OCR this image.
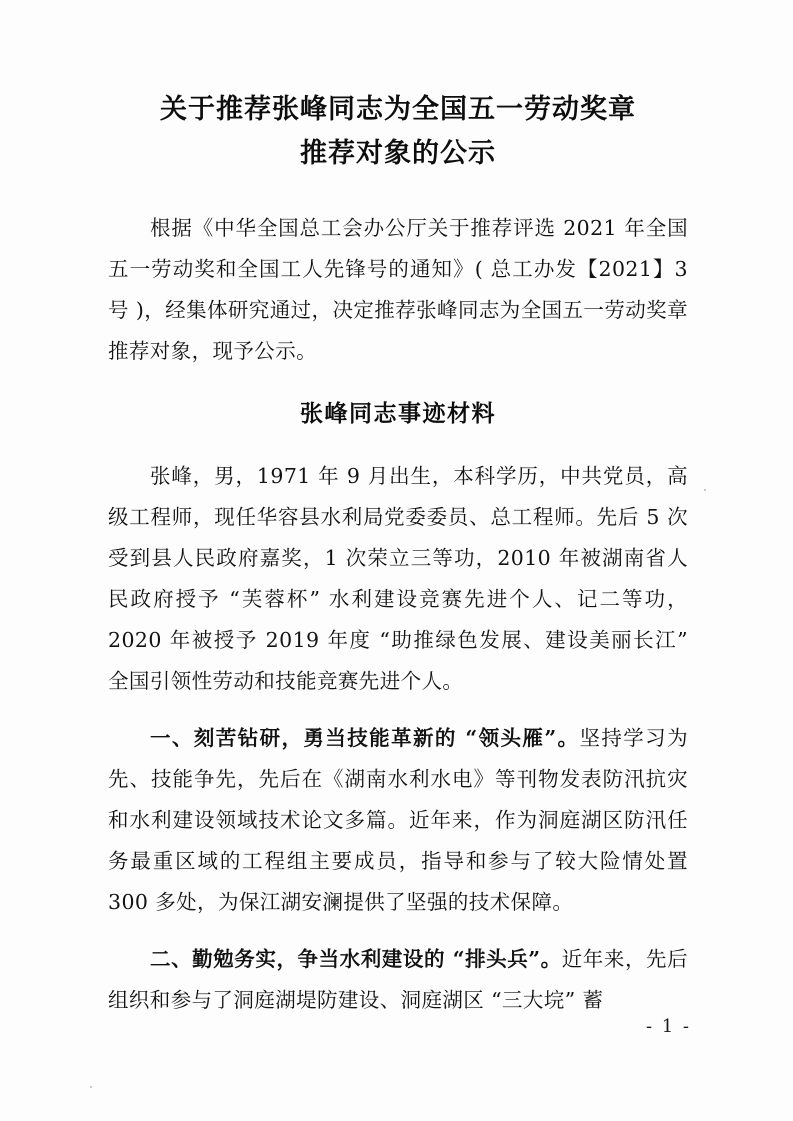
关于推荐张峰同志为全国五一劳动奖章
推荐对象的公示

根据《中华全国总工会办公厅关于推荐评选 2021 年全国五一劳动奖和全国工人先锋号的通知》( 总工办发【2021】3 号 )，经集体研究通过，决定推荐张峰同志为全国五一劳动奖章推荐对象，现予公示。

张峰同志事迹材料

张峰，男，1971 年 9 月出生，本科学历，中共党员，高级工程师，现任华容县水利局党委委员、总工程师。先后 5 次受到县人民政府嘉奖，1 次荣立三等功，2010 年被湖南省人民政府授予 “芙蓉杯” 水利建设竞赛先进个人、记二等功，2020 年被授予 2019 年度 “助推绿色发展、建设美丽长江” 全国引领性劳动和技能竞赛先进个人。

一、刻苦钻研，勇当技能革新的 “领头雁”。坚持学习为先、技能争先，先后在《湖南水利水电》等刊物发表防汛抗灾和水利建设领域技术论文多篇。近年来，作为洞庭湖区防汛任务最重区域的工程组主要成员，指导和参与了较大险情处置 300 多处，为保江湖安澜提供了坚强的技术保障。

二、勤勉务实，争当水利建设的 “排头兵”。近年来，先后组织和参与了洞庭湖堤防建设、洞庭湖区 “三大垸” 蓄

- 1 -
